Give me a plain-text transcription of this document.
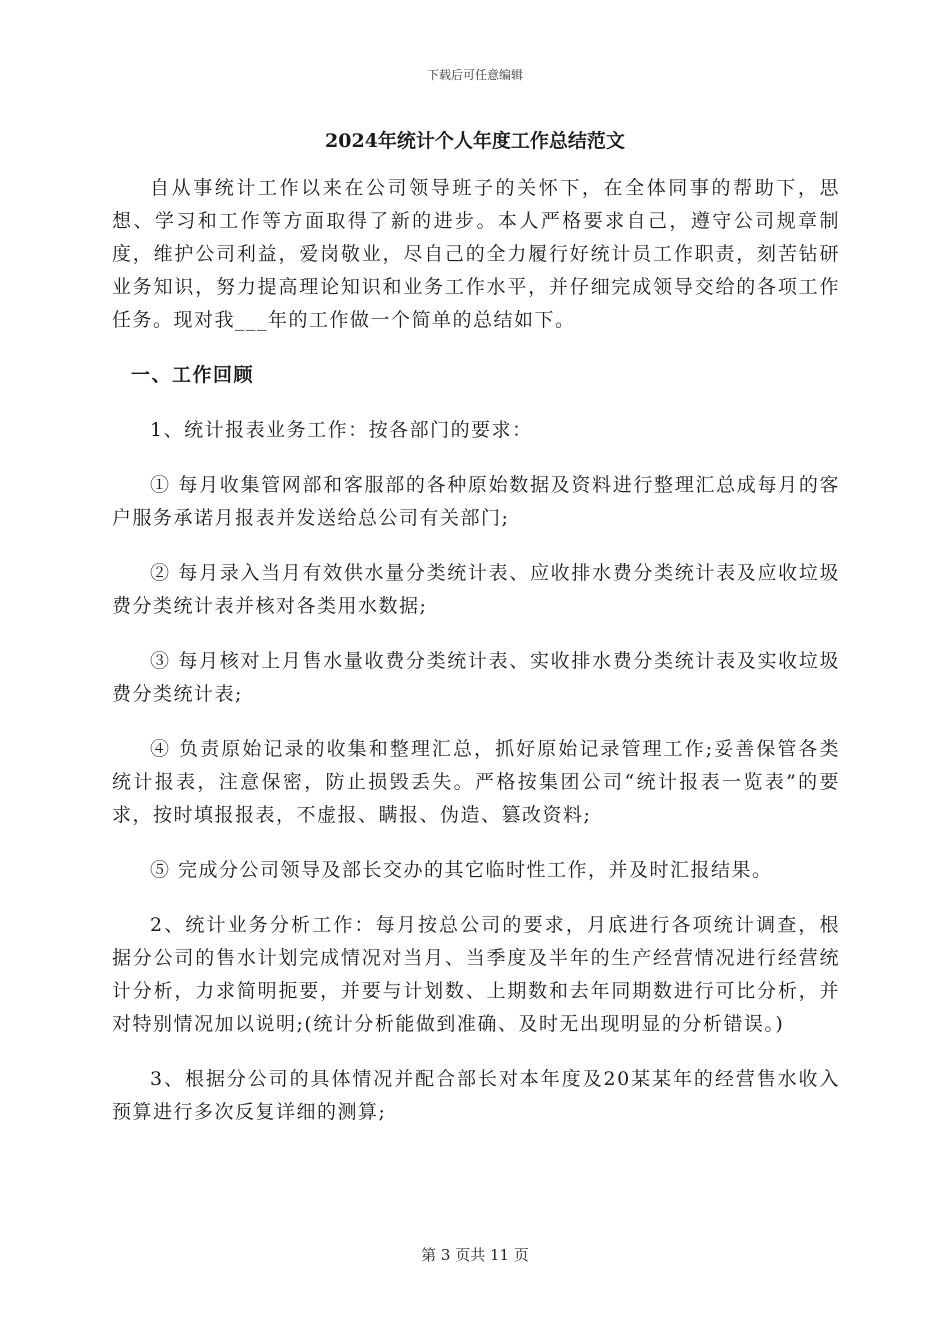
下载后可任意编辑
2024年统计个人年度工作总结范文

自从事统计工作以来在公司领导班子的关怀下，在全体同事的帮助下，思想、学习和工作等方面取得了新的进步。本人严格要求自己，遵守公司规章制度，维护公司利益，爱岗敬业，尽自己的全力履行好统计员工作职责，刻苦钻研业务知识，努力提高理论知识和业务工作水平，并仔细完成领导交给的各项工作任务。现对我___年的工作做一个简单的总结如下。

一、工作回顾

1、统计报表业务工作：按各部门的要求：

① 每月收集管网部和客服部的各种原始数据及资料进行整理汇总成每月的客户服务承诺月报表并发送给总公司有关部门;

② 每月录入当月有效供水量分类统计表、应收排水费分类统计表及应收垃圾费分类统计表并核对各类用水数据;

③ 每月核对上月售水量收费分类统计表、实收排水费分类统计表及实收垃圾费分类统计表;

④ 负责原始记录的收集和整理汇总，抓好原始记录管理工作;妥善保管各类统计报表，注意保密，防止损毁丢失。严格按集团公司“统计报表一览表”的要求，按时填报报表，不虚报、瞒报、伪造、篡改资料;

⑤ 完成分公司领导及部长交办的其它临时性工作，并及时汇报结果。

2、统计业务分析工作：每月按总公司的要求，月底进行各项统计调查，根据分公司的售水计划完成情况对当月、当季度及半年的生产经营情况进行经营统计分析，力求简明扼要，并要与计划数、上期数和去年同期数进行可比分析，并对特别情况加以说明;(统计分析能做到准确、及时无出现明显的分析错误。)

3、根据分公司的具体情况并配合部长对本年度及20某某年的经营售水收入预算进行多次反复详细的测算;

第 3 页共 11 页
